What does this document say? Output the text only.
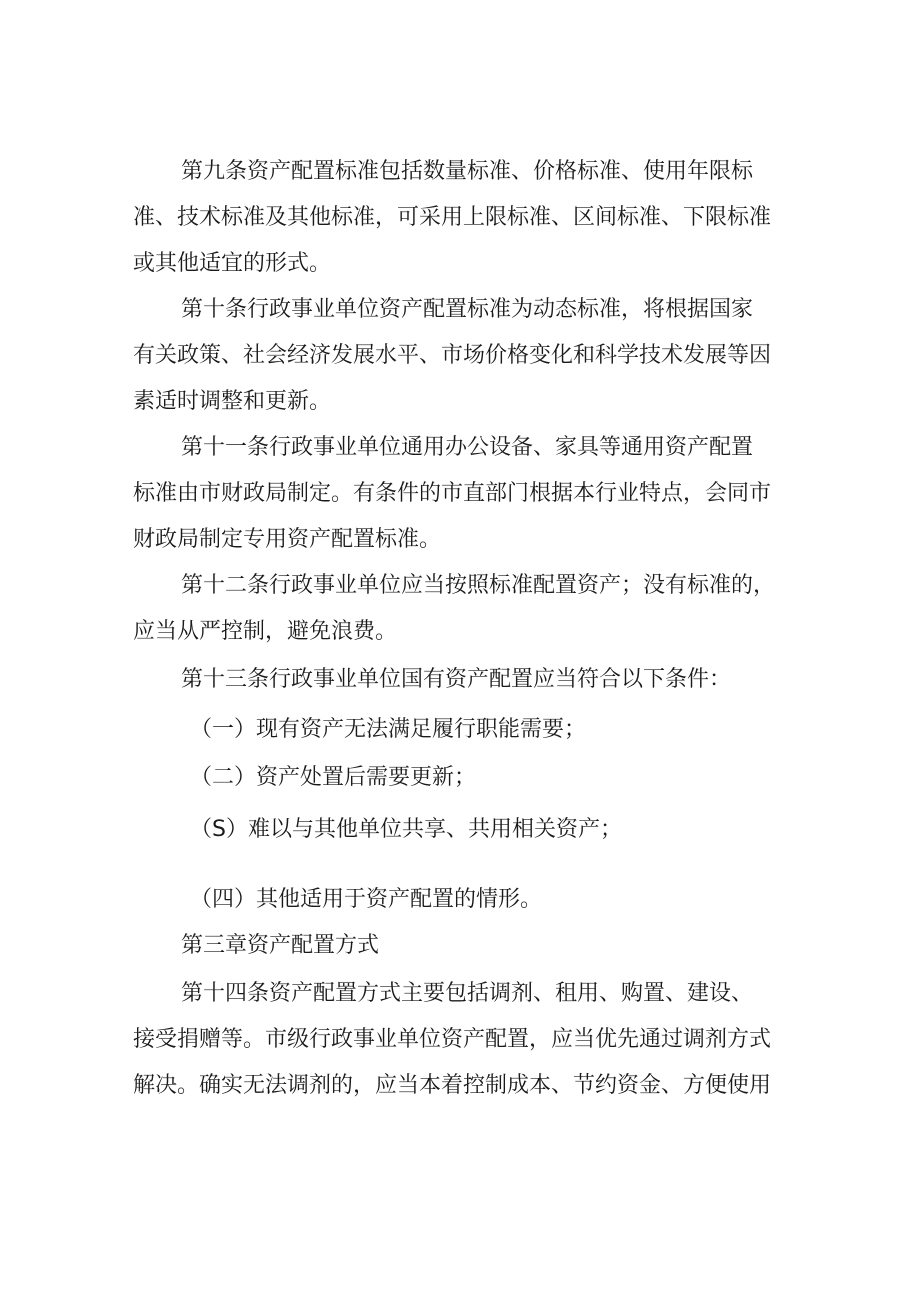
第九条资产配置标准包括数量标准、价格标准、使用年限标
准、技术标准及其他标准，可采用上限标准、区间标准、下限标准
或其他适宜的形式。
第十条行政事业单位资产配置标准为动态标准，将根据国家
有关政策、社会经济发展水平、市场价格变化和科学技术发展等因
素适时调整和更新。
第十一条行政事业单位通用办公设备、家具等通用资产配置
标准由市财政局制定。有条件的市直部门根据本行业特点，会同市
财政局制定专用资产配置标准。
第十二条行政事业单位应当按照标准配置资产；没有标准的，
应当从严控制，避免浪费。
第十三条行政事业单位国有资产配置应当符合以下条件：
（一）现有资产无法满足履行职能需要；
（二）资产处置后需要更新；
（S）难以与其他单位共享、共用相关资产；
（四）其他适用于资产配置的情形。
第三章资产配置方式
第十四条资产配置方式主要包括调剂、租用、购置、建设、
接受捐赠等。市级行政事业单位资产配置，应当优先通过调剂方式
解决。确实无法调剂的，应当本着控制成本、节约资金、方便使用
